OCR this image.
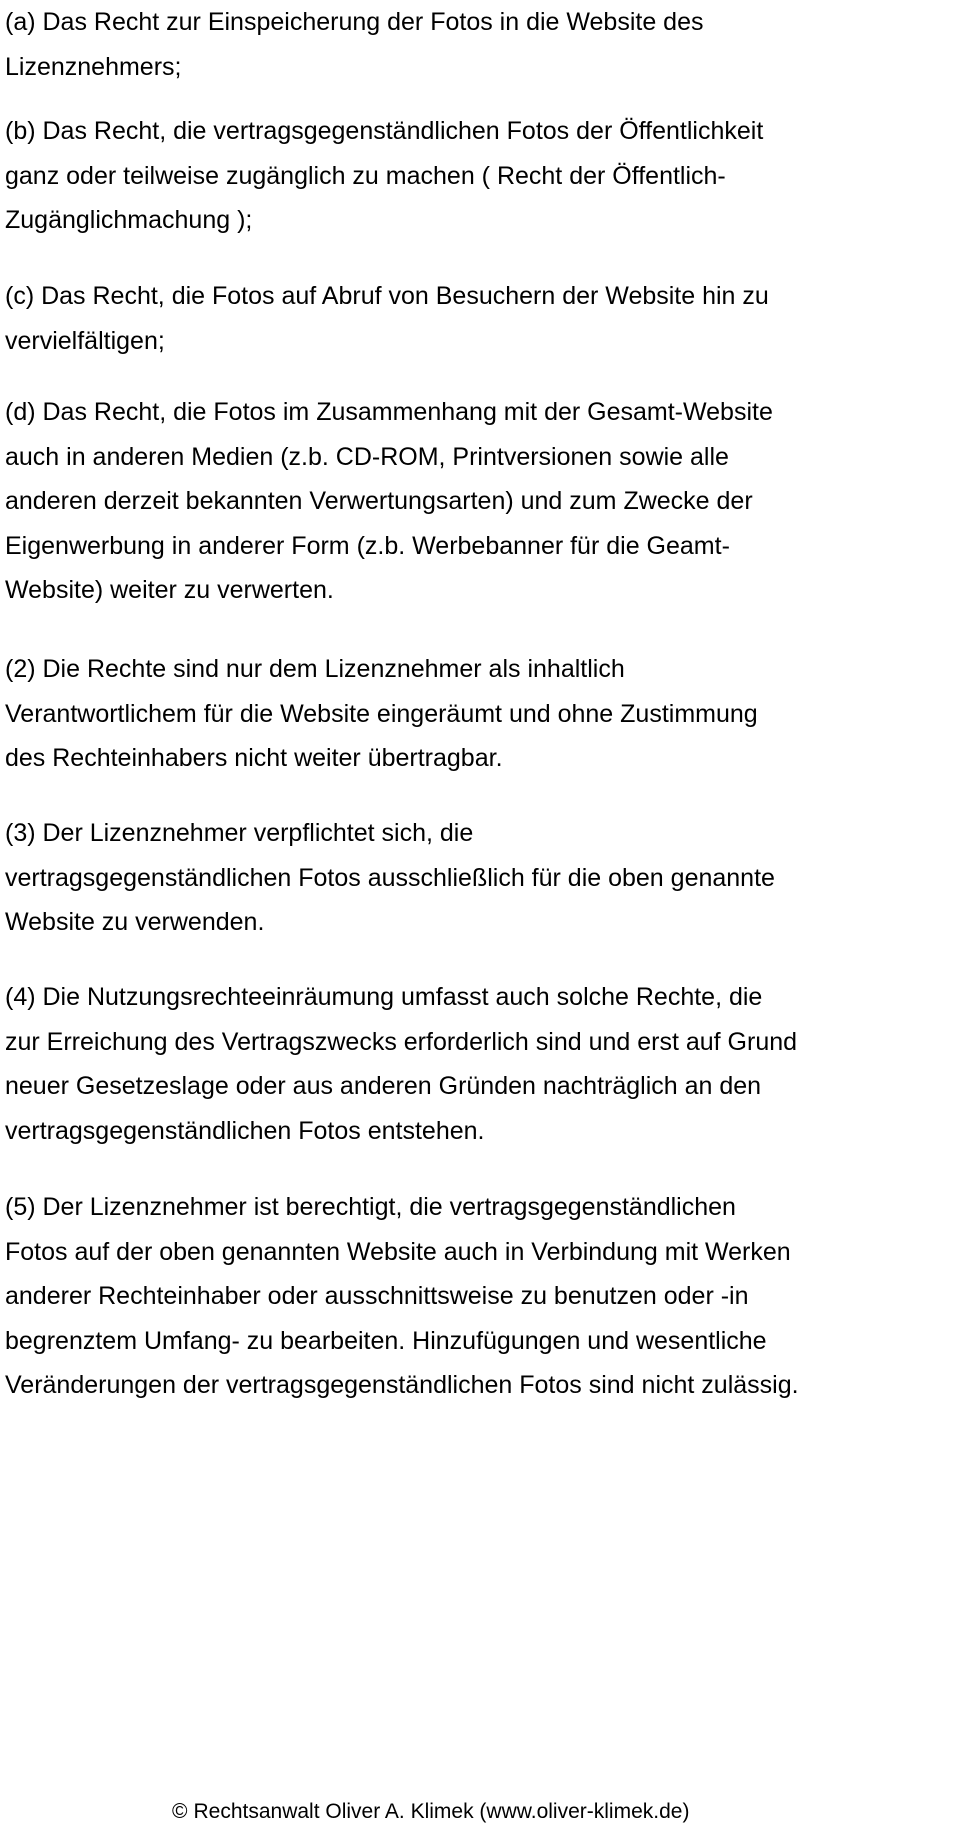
(a) Das Recht zur Einspeicherung der Fotos in die Website des
Lizenznehmers;

(b) Das Recht, die vertragsgegenständlichen Fotos der Öffentlichkeit
ganz oder teilweise zugänglich zu machen ( Recht der Öffentlich-
Zugänglichmachung );

(c) Das Recht, die Fotos auf Abruf von Besuchern der Website hin zu
vervielfältigen;

(d) Das Recht, die Fotos im Zusammenhang mit der Gesamt-Website
auch in anderen Medien (z.b. CD-ROM, Printversionen sowie alle
anderen derzeit bekannten Verwertungsarten) und zum Zwecke der
Eigenwerbung in anderer Form (z.b. Werbebanner für die Geamt-
Website) weiter zu verwerten.

(2) Die Rechte sind nur dem Lizenznehmer als inhaltlich
Verantwortlichem für die Website eingeräumt und ohne Zustimmung
des Rechteinhabers nicht weiter übertragbar.

(3) Der Lizenznehmer verpflichtet sich, die
vertragsgegenständlichen Fotos ausschließlich für die oben genannte
Website zu verwenden.

(4) Die Nutzungsrechteeinräumung umfasst auch solche Rechte, die
zur Erreichung des Vertragszwecks erforderlich sind und erst auf Grund
neuer Gesetzeslage oder aus anderen Gründen nachträglich an den
vertragsgegenständlichen Fotos entstehen.

(5) Der Lizenznehmer ist berechtigt, die vertragsgegenständlichen
Fotos auf der oben genannten Website auch in Verbindung mit Werken
anderer Rechteinhaber oder ausschnittsweise zu benutzen oder -in
begrenztem Umfang- zu bearbeiten. Hinzufügungen und wesentliche
Veränderungen der vertragsgegenständlichen Fotos sind nicht zulässig.

© Rechtsanwalt Oliver A. Klimek (www.oliver-klimek.de)
